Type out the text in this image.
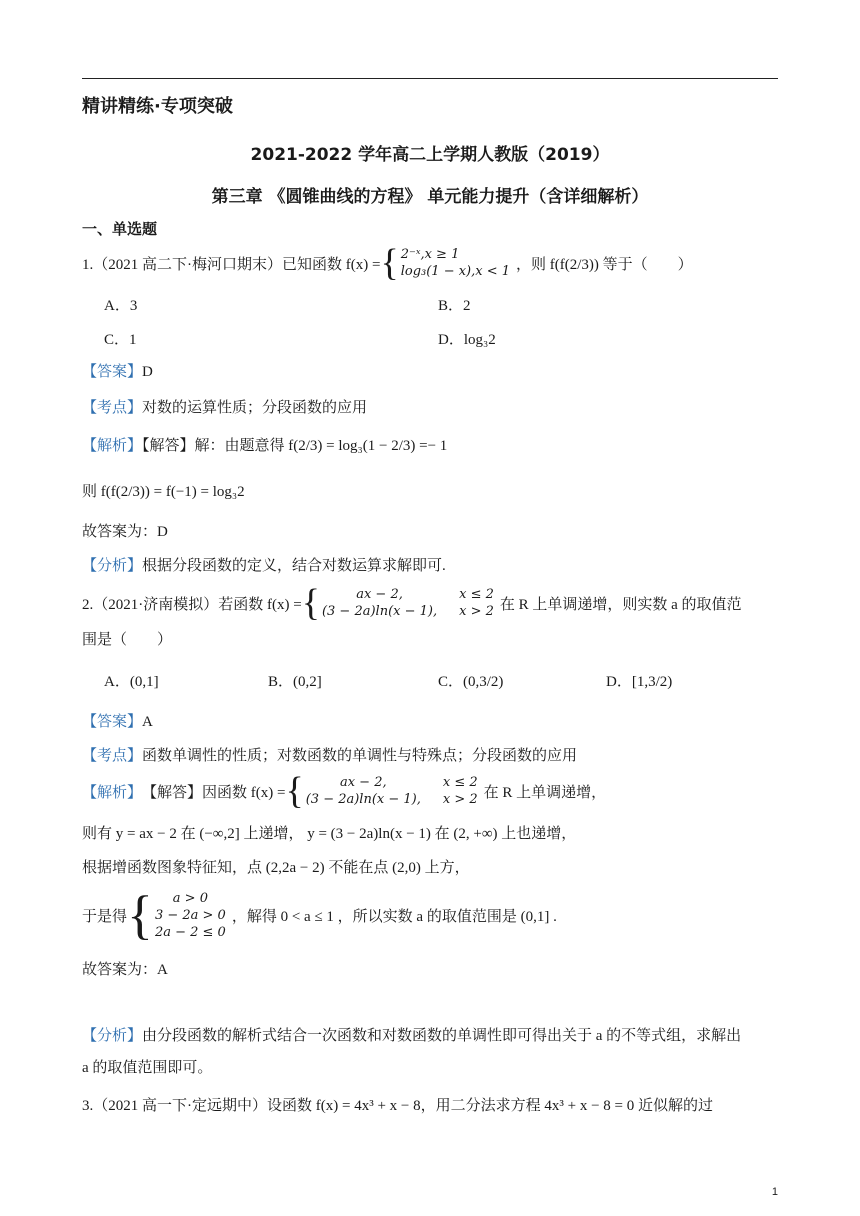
精讲精练·专项突破
2021-2022 学年高二上学期人教版（2019）
第三章 《圆锥曲线的方程》 单元能力提升（含详细解析）
一、单选题
1.（2021 高二下·梅河口期末）已知函数 f(x) = { 2⁻ˣ,x ≥ 1
log₃(1 − x),x < 1 ，则 f(f(2/3)) 等于（　　）
A．3	B．2
C．1	D．log₃2
【答案】D
【考点】对数的运算性质；分段函数的应用
【解析】【解答】解：由题意得 f(2/3) = log₃(1 − 2/3) =− 1
则 f(f(2/3)) = f(−1) = log₃2
故答案为：D
【分析】根据分段函数的定义，结合对数运算求解即可.
2.（2021·济南模拟）若函数 f(x) = {	ax − 2,	x ≤ 2
(3 − 2a)ln(x − 1), x > 2 在 R 上单调递增，则实数 a 的取值范
围是（　　）
A．(0,1]	B．(0,2]	C．(0,3/2)	D．[1,3/2)
【答案】A
【考点】函数单调性的性质；对数函数的单调性与特殊点；分段函数的应用
【解析】 【解答】因函数 f(x) = {	ax − 2,	x ≤ 2
(3 − 2a)ln(x − 1), x > 2 在 R 上单调递增，
则有 y = ax − 2 在 (−∞,2] 上递增， y = (3 − 2a)ln(x − 1) 在 (2, +∞) 上也递增，
根据增函数图象特征知，点 (2,2a − 2) 不能在点 (2,0) 上方，
于是得 {	a > 0
3 − 2a > 0
2a − 2 ≤ 0
，解得 0 < a ≤ 1 ，所以实数 a 的取值范围是 (0,1] .
故答案为：A
【分析】由分段函数的解析式结合一次函数和对数函数的单调性即可得出关于 a 的不等式组，求解出
a 的取值范围即可。
3.（2021 高一下·定远期中）设函数 f(x) = 4x³ + x − 8，用二分法求方程 4x³ + x − 8 = 0 近似解的过
1
